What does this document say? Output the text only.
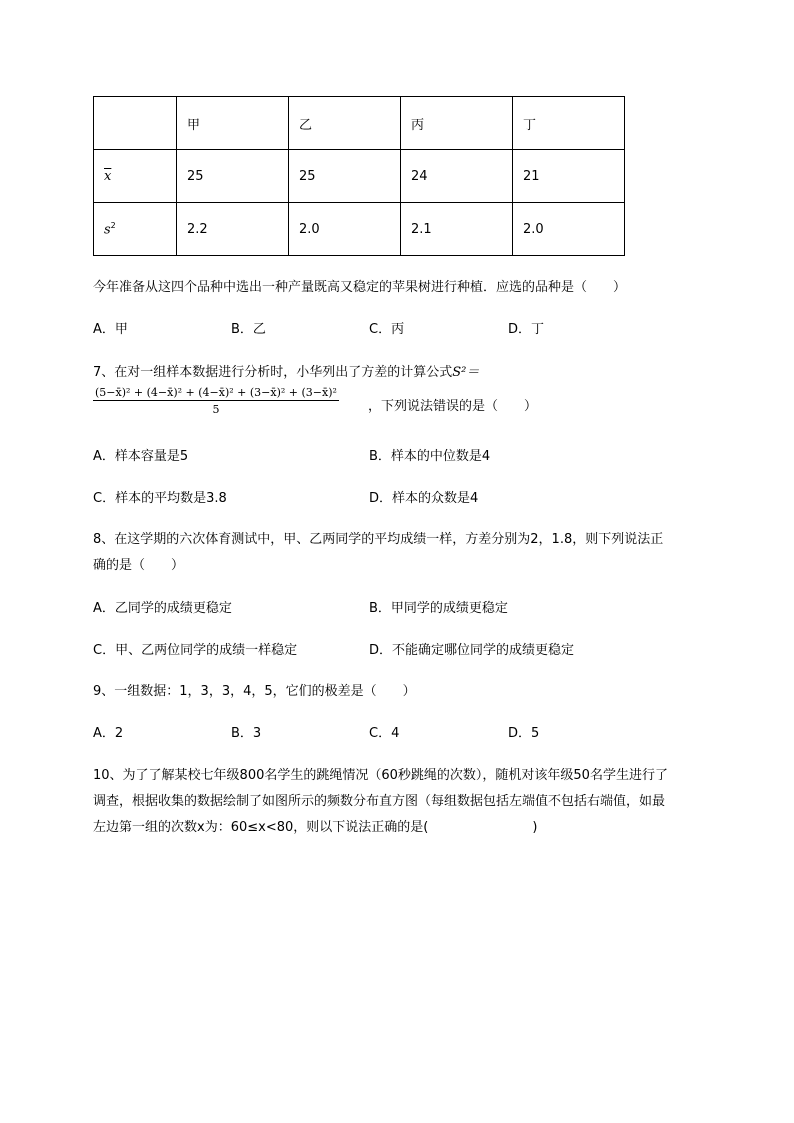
	甲	乙	丙	丁
$\overline{x}$	25	25	24	21
$s^2$	2.2	2.0	2.1	2.0
今年准备从这四个品种中选出一种产量既高又稳定的苹果树进行种植．应选的品种是（　　）
A．甲	B．乙	C．丙	D．丁
7、在对一组样本数据进行分析时，小华列出了方差的计算公式S²＝
$\frac{\text{(5−x̄)² + (4−x̄)² + (4−x̄)² + (3−x̄)² + (3−x̄)²}}{5}$ ，下列说法错误的是（　　）
A．样本容量是5	B．样本的中位数是4
C．样本的平均数是3.8	D．样本的众数是4
8、在这学期的六次体育测试中，甲、乙两同学的平均成绩一样，方差分别为2，1.8，则下列说法正
确的是（　　）
A．乙同学的成绩更稳定	B．甲同学的成绩更稳定
C．甲、乙两位同学的成绩一样稳定	D．不能确定哪位同学的成绩更稳定
9、一组数据：1，3，3，4，5，它们的极差是（　　）
A．2	B．3	C．4	D．5
10、为了了解某校七年级800名学生的跳绳情况（60秒跳绳的次数），随机对该年级50名学生进行了
调查，根据收集的数据绘制了如图所示的频数分布直方图（每组数据包括左端值不包括右端值，如最
左边第一组的次数x为：60≤x<80，则以下说法正确的是(　　　　　　　　)
